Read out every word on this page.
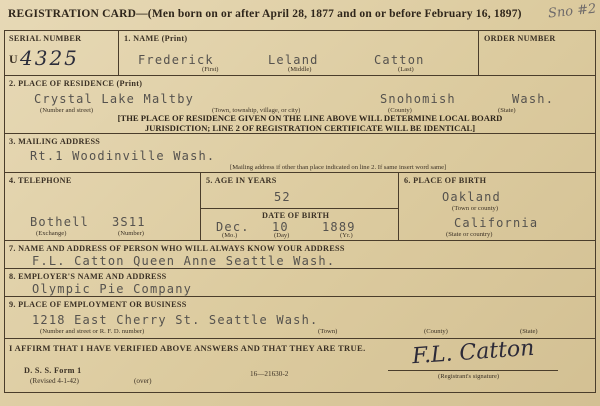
REGISTRATION CARD—(Men born on or after April 28, 1877 and on or before February 16, 1897) Sno #2
SERIAL NUMBER
U 4325
1. NAME (Print)
Frederick	Leland	Catton
(First)	(Middle)	(Last)
ORDER NUMBER
2. PLACE OF RESIDENCE (Print)
Crystal Lake Maltby	Snohomish	Wash.
(Number and street)	(Town, township, village, or city)	(County)	(State)
[THE PLACE OF RESIDENCE GIVEN ON THE LINE ABOVE WILL DETERMINE LOCAL BOARD
JURISDICTION; LINE 2 OF REGISTRATION CERTIFICATE WILL BE IDENTICAL]
3. MAILING ADDRESS
Rt.1 Woodinville Wash.
[Mailing address if other than place indicated on line 2. If same insert word same]
4. TELEPHONE
Bothell 3S11
(Exchange)	(Number)
5. AGE IN YEARS
52
DATE OF BIRTH
Dec. 10	1889
(Mo.)	(Day)	(Yr.)
6. PLACE OF BIRTH
Oakland
(Town or county)
California
(State or country)
7. NAME AND ADDRESS OF PERSON WHO WILL ALWAYS KNOW YOUR ADDRESS
F.L. Catton Queen Anne Seattle Wash.
8. EMPLOYER'S NAME AND ADDRESS
Olympic Pie Company
9. PLACE OF EMPLOYMENT OR BUSINESS
1218 East Cherry St. Seattle Wash.
(Number and street or R. F. D. number)	(Town)	(County)	(State)
I AFFIRM THAT I HAVE VERIFIED ABOVE ANSWERS AND THAT THEY ARE TRUE. F.L. Catton
(Registrant's signature)
D. S. S. Form 1
(Revised 4-1-42)	(over)
16—21630-2
